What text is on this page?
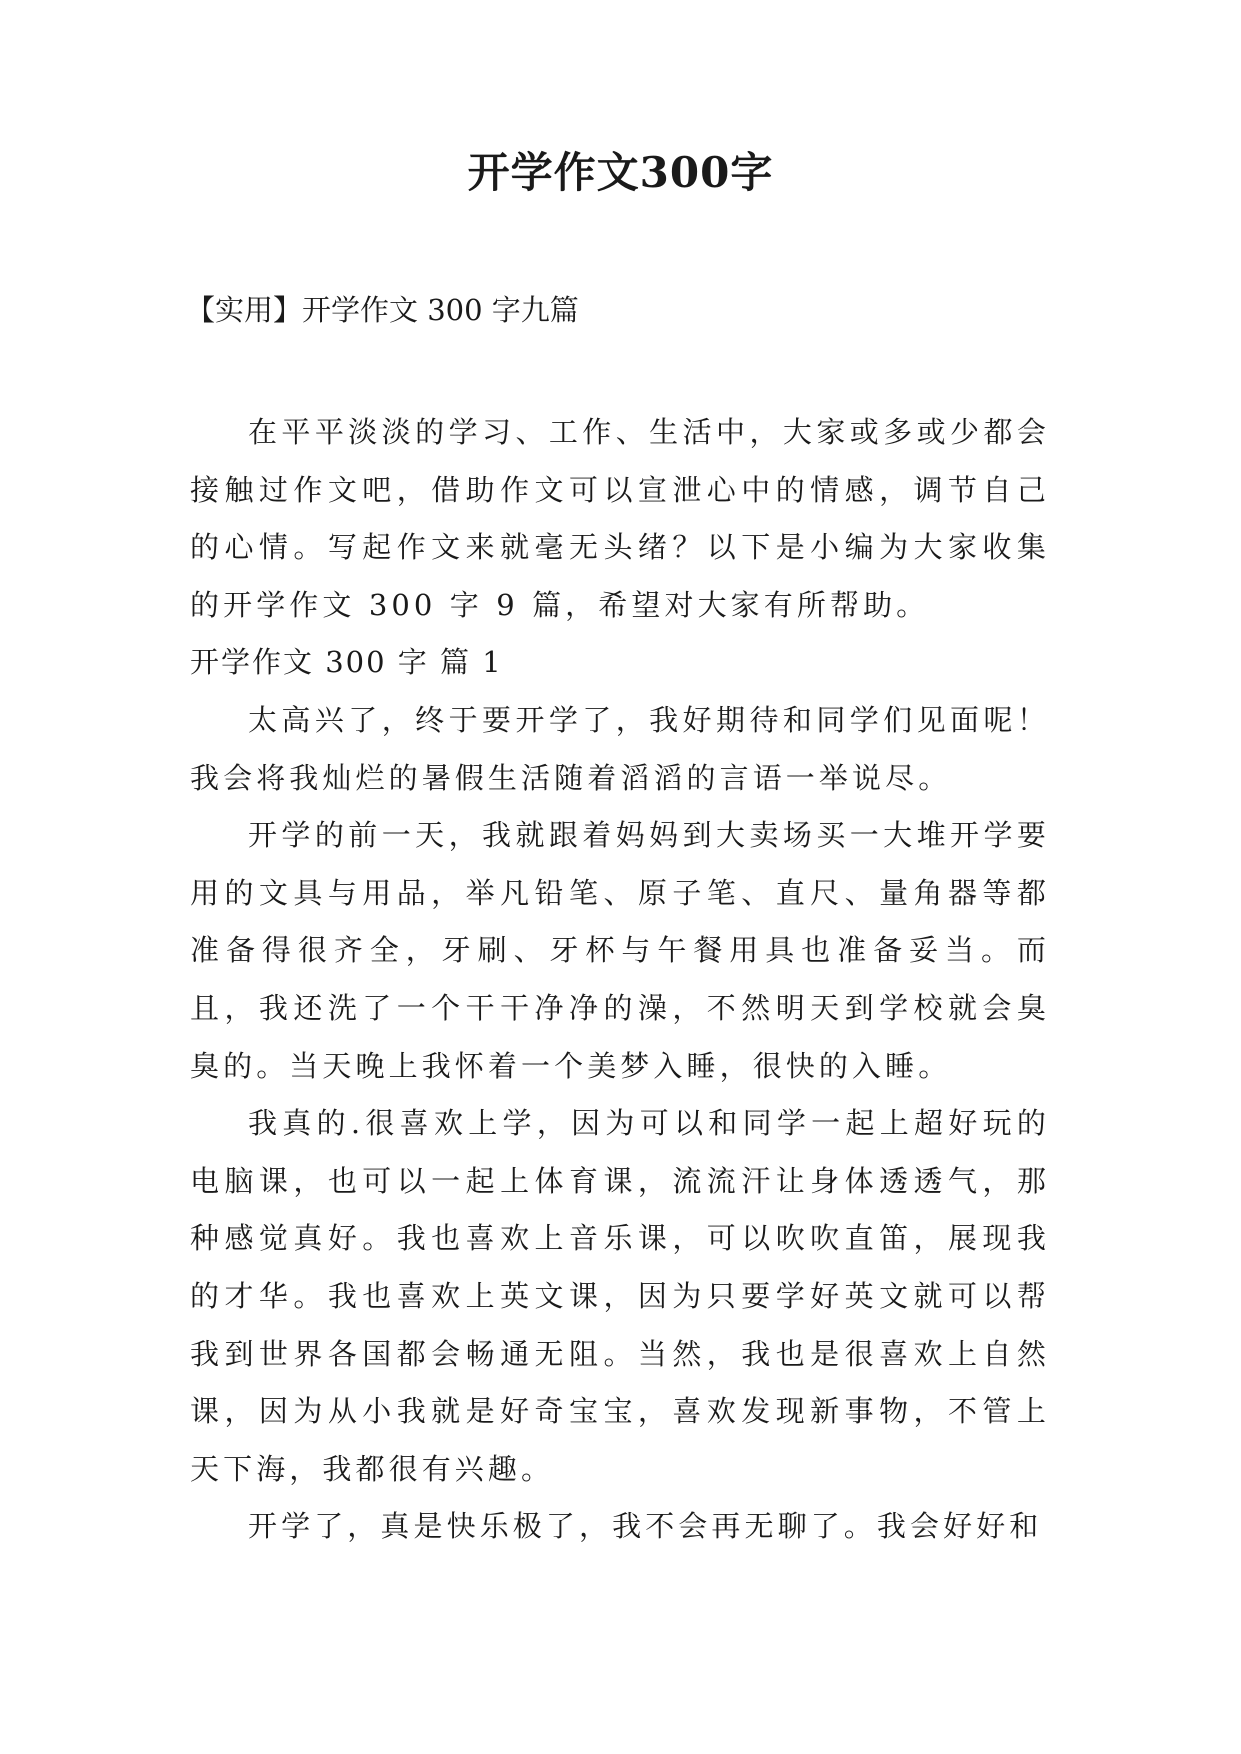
开学作文300字
【实用】开学作文 300 字九篇

在平平淡淡的学习、工作、生活中，大家或多或少都会接触过作文吧，借助作文可以宣泄心中的情感，调节自己的心情。写起作文来就毫无头绪？以下是小编为大家收集的开学作文 300 字 9 篇，希望对大家有所帮助。

开学作文 300 字 篇 1

太高兴了，终于要开学了，我好期待和同学们见面呢！我会将我灿烂的暑假生活随着滔滔的言语一举说尽。

开学的前一天，我就跟着妈妈到大卖场买一大堆开学要用的文具与用品，举凡铅笔、原子笔、直尺、量角器等都准备得很齐全，牙刷、牙杯与午餐用具也准备妥当。而且，我还洗了一个干干净净的澡，不然明天到学校就会臭臭的。当天晚上我怀着一个美梦入睡，很快的入睡。

我真的.很喜欢上学，因为可以和同学一起上超好玩的电脑课，也可以一起上体育课，流流汗让身体透透气，那种感觉真好。我也喜欢上音乐课，可以吹吹直笛，展现我的才华。我也喜欢上英文课，因为只要学好英文就可以帮我到世界各国都会畅通无阻。当然，我也是很喜欢上自然课，因为从小我就是好奇宝宝，喜欢发现新事物，不管上天下海，我都很有兴趣。

开学了，真是快乐极了，我不会再无聊了。我会好好和
